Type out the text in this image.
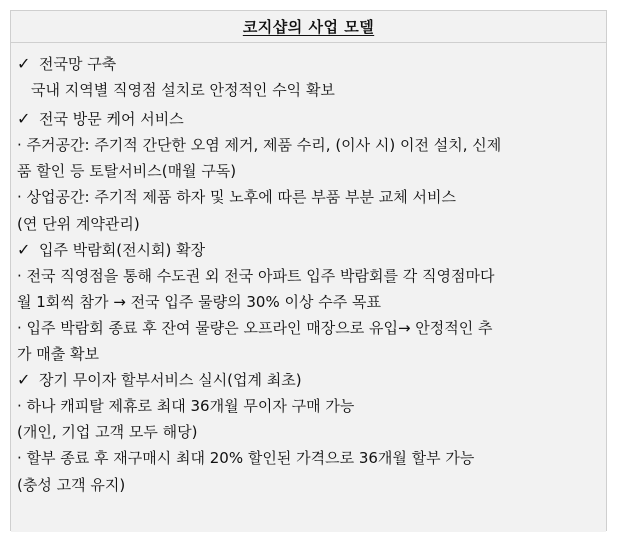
코지샵의 사업 모델
✓ 전국망 구축
국내 지역별 직영점 설치로 안정적인 수익 확보
✓ 전국 방문 케어 서비스
· 주거공간: 주기적 간단한 오염 제거, 제품 수리, (이사 시) 이전 설치, 신제
품 할인 등 토탈서비스(매월 구독)
· 상업공간: 주기적 제품 하자 및 노후에 따른 부품 부분 교체 서비스
(연 단위 계약관리)
✓ 입주 박람회(전시회) 확장
· 전국 직영점을 통해 수도권 외 전국 아파트 입주 박람회를 각 직영점마다
월 1회씩 참가 → 전국 입주 물량의 30% 이상 수주 목표
· 입주 박람회 종료 후 잔여 물량은 오프라인 매장으로 유입→ 안정적인 추
가 매출 확보
✓ 장기 무이자 할부서비스 실시(업계 최초)
· 하나 캐피탈 제휴로 최대 36개월 무이자 구매 가능
(개인, 기업 고객 모두 해당)
· 할부 종료 후 재구매시 최대 20% 할인된 가격으로 36개월 할부 가능
(충성 고객 유지)
